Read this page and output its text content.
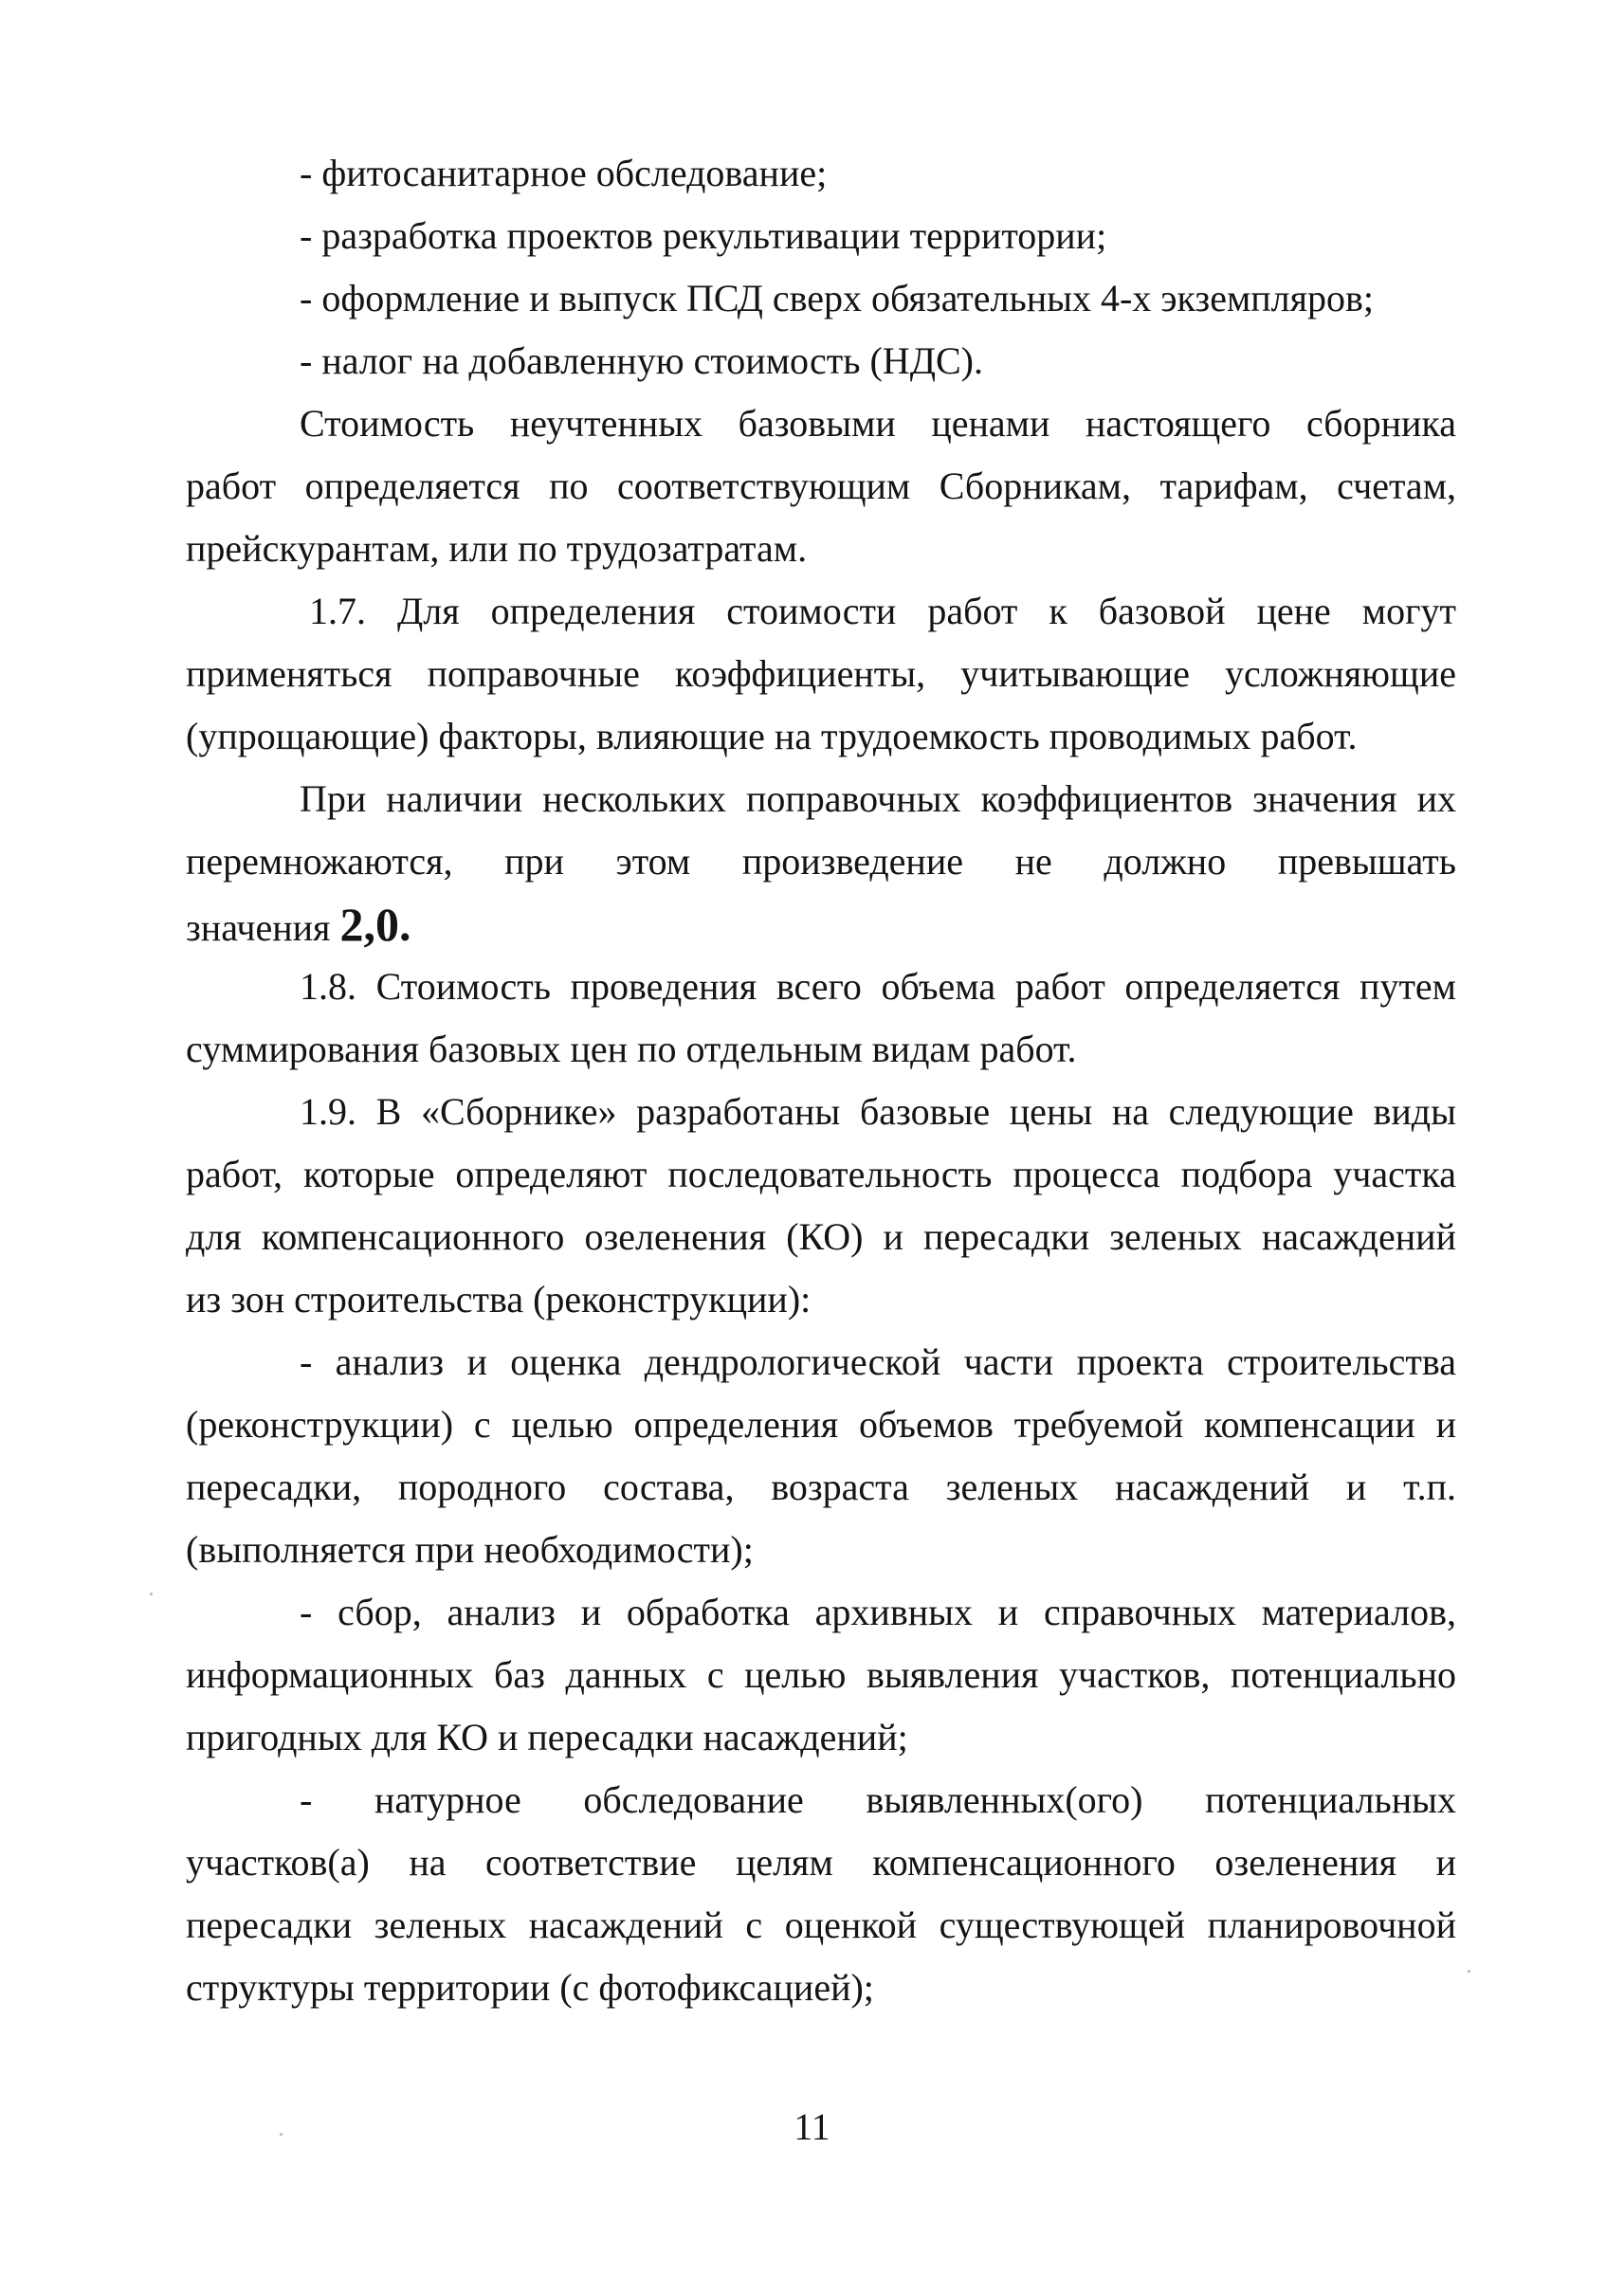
- фитосанитарное обследование;
- разработка проектов рекультивации территории;
- оформление и выпуск ПСД сверх обязательных 4-х экземпляров;
- налог на добавленную стоимость (НДС).
Стоимость неучтенных базовыми ценами настоящего сборника
работ определяется по соответствующим Сборникам, тарифам, счетам,
прейскурантам, или по трудозатратам.
1.7. Для определения стоимости работ к базовой цене могут
применяться поправочные коэффициенты, учитывающие усложняющие
(упрощающие) факторы, влияющие на трудоемкость проводимых работ.
При наличии нескольких поправочных коэффициентов значения их
перемножаются, при этом произведение не должно превышать
значения 2,0.
1.8. Стоимость проведения всего объема работ определяется путем
суммирования базовых цен по отдельным видам работ.
1.9. В «Сборнике» разработаны базовые цены на следующие виды
работ, которые определяют последовательность процесса подбора участка
для компенсационного озеленения (КО) и пересадки зеленых насаждений
из зон строительства (реконструкции):
- анализ и оценка дендрологической части проекта строительства
(реконструкции) с целью определения объемов требуемой компенсации и
пересадки, породного состава, возраста зеленых насаждений и т.п.
(выполняется при необходимости);
- сбор, анализ и обработка архивных и справочных материалов,
информационных баз данных с целью выявления участков, потенциально
пригодных для КО и пересадки насаждений;
- натурное обследование выявленных(ого) потенциальных
участков(а) на соответствие целям компенсационного озеленения и
пересадки зеленых насаждений с оценкой существующей планировочной
структуры территории (с фотофиксацией);
11
